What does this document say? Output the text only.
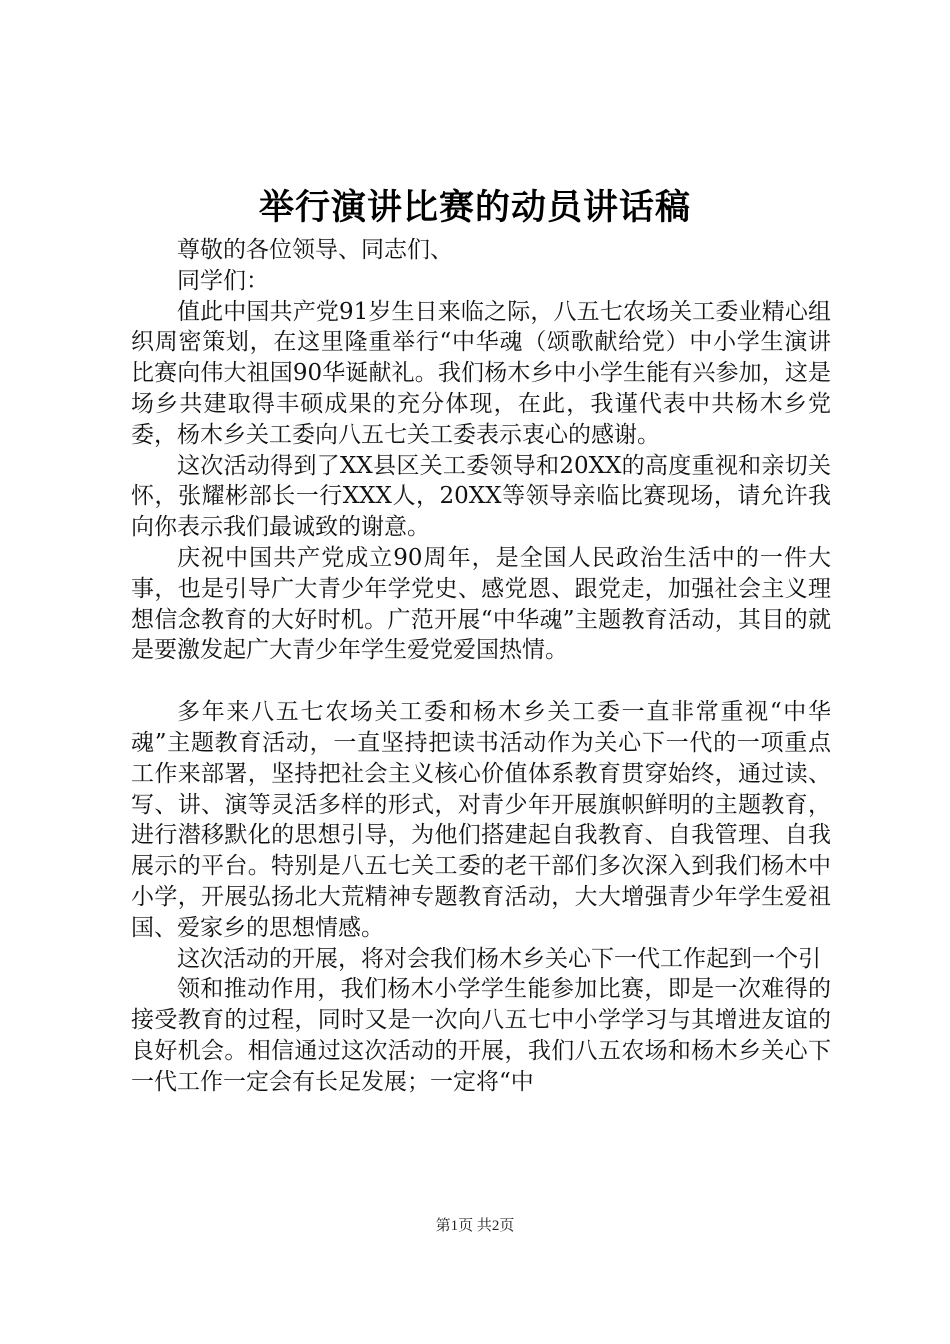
举行演讲比赛的动员讲话稿

尊敬的各位领导、同志们、

同学们：

值此中国共产党91岁生日来临之际，八五七农场关工委业精心组织周密策划，在这里隆重举行“中华魂（颂歌献给党）中小学生演讲比赛向伟大祖国90华诞献礼。我们杨木乡中小学生能有兴参加，这是场乡共建取得丰硕成果的充分体现，在此，我谨代表中共杨木乡党委，杨木乡关工委向八五七关工委表示衷心的感谢。

这次活动得到了XX县区关工委领导和20XX的高度重视和亲切关怀，张耀彬部长一行XXX人，20XX等领导亲临比赛现场，请允许我向你表示我们最诚致的谢意。

庆祝中国共产党成立90周年，是全国人民政治生活中的一件大事，也是引导广大青少年学党史、感党恩、跟党走，加强社会主义理想信念教育的大好时机。广范开展“中华魂”主题教育活动，其目的就是要激发起广大青少年学生爱党爱国热情。

多年来八五七农场关工委和杨木乡关工委一直非常重视“中华魂”主题教育活动，一直坚持把读书活动作为关心下一代的一项重点工作来部署，坚持把社会主义核心价值体系教育贯穿始终，通过读、写、讲、演等灵活多样的形式，对青少年开展旗帜鲜明的主题教育，进行潜移默化的思想引导，为他们搭建起自我教育、自我管理、自我展示的平台。特别是八五七关工委的老干部们多次深入到我们杨木中小学，开展弘扬北大荒精神专题教育活动，大大增强青少年学生爱祖国、爱家乡的思想情感。

这次活动的开展，将对会我们杨木乡关心下一代工作起到一个引

领和推动作用，我们杨木小学学生能参加比赛，即是一次难得的接受教育的过程，同时又是一次向八五七中小学学习与其增进友谊的良好机会。相信通过这次活动的开展，我们八五农场和杨木乡关心下一代工作一定会有长足发展；一定将“中

第1页 共2页
